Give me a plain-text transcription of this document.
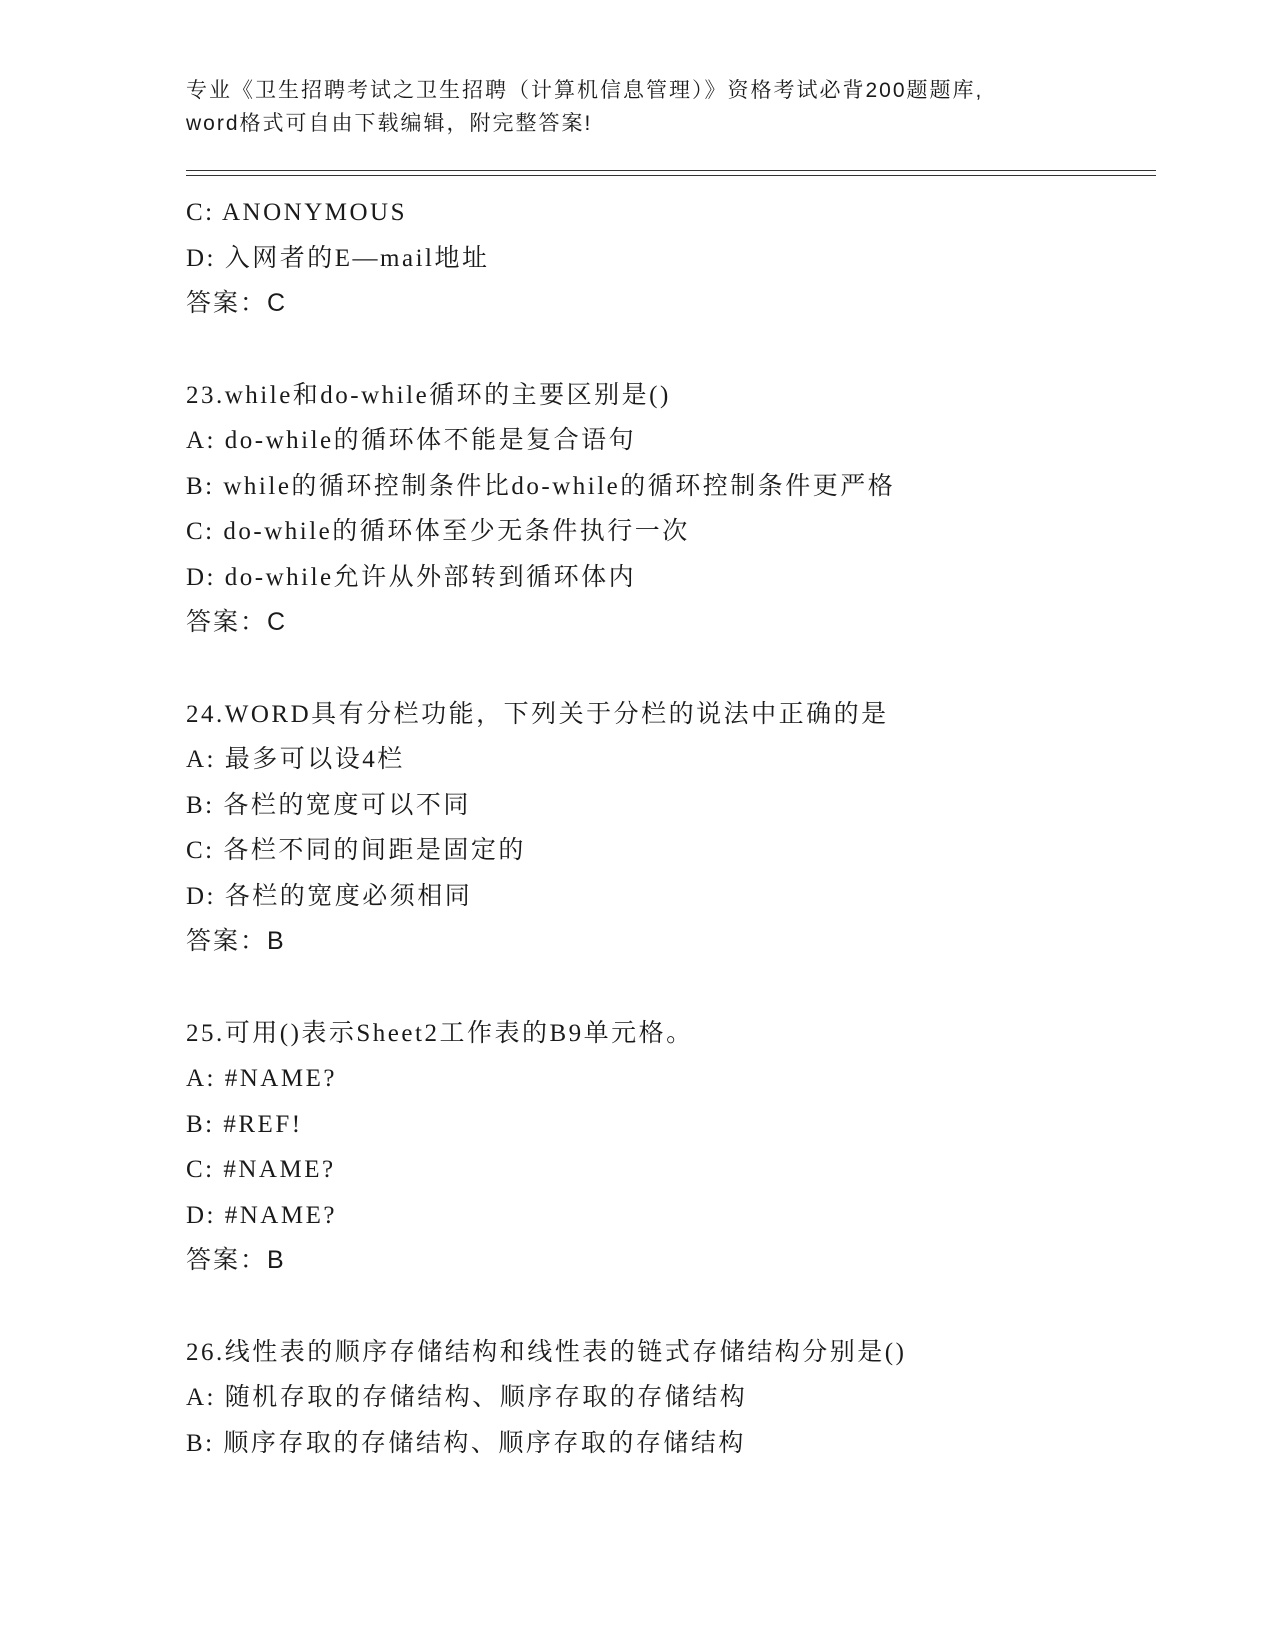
专业《卫生招聘考试之卫生招聘（计算机信息管理）》资格考试必背200题题库,
word格式可自由下载编辑，附完整答案!
C: ANONYMOUS
D: 入网者的E—mail地址
答案：C
23.while和do-while循环的主要区别是()
A: do-while的循环体不能是复合语句
B: while的循环控制条件比do-while的循环控制条件更严格
C: do-while的循环体至少无条件执行一次
D: do-while允许从外部转到循环体内
答案：C
24.WORD具有分栏功能，下列关于分栏的说法中正确的是
A: 最多可以设4栏
B: 各栏的宽度可以不同
C: 各栏不同的间距是固定的
D: 各栏的宽度必须相同
答案：B
25.可用()表示Sheet2工作表的B9单元格。
A: #NAME?
B: #REF!
C: #NAME?
D: #NAME?
答案：B
26.线性表的顺序存储结构和线性表的链式存储结构分别是()
A: 随机存取的存储结构、顺序存取的存储结构
B: 顺序存取的存储结构、顺序存取的存储结构
